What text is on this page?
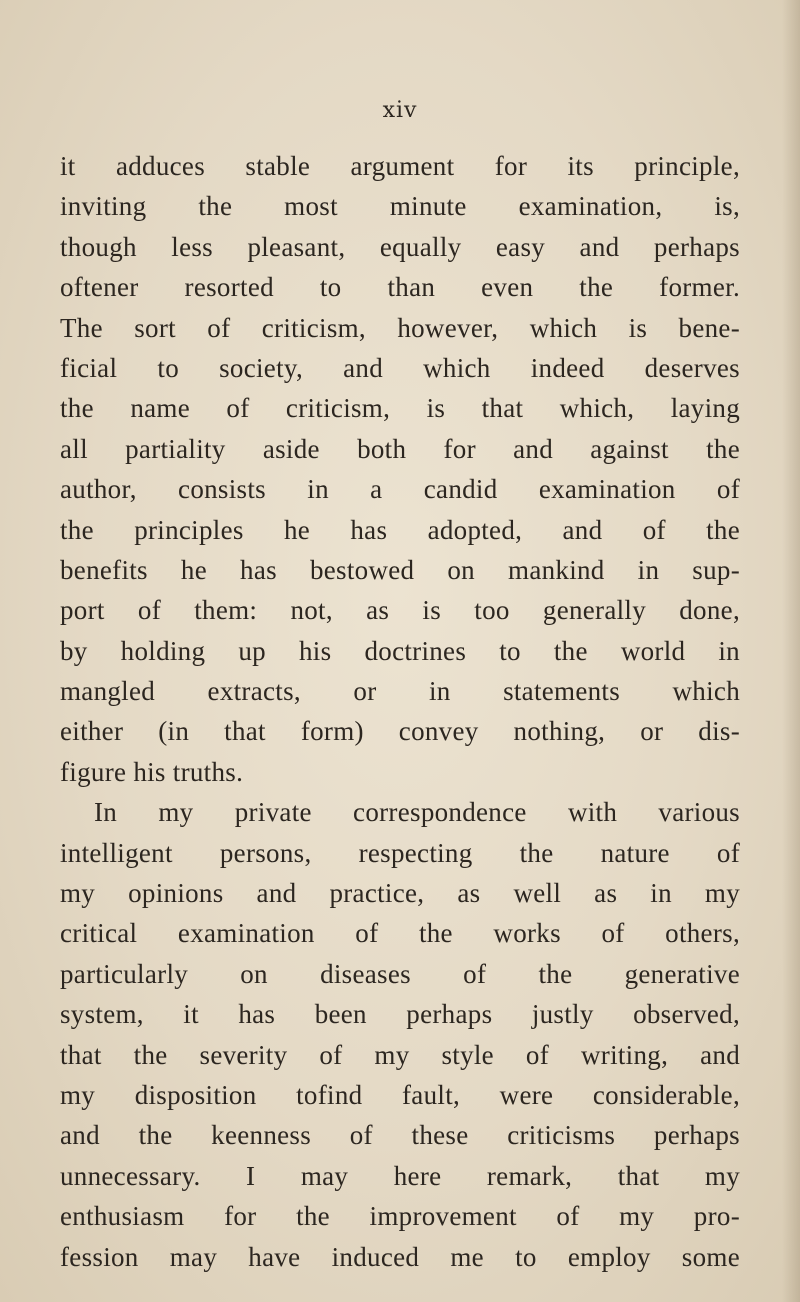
xiv
it adduces stable argument for its principle,
inviting the most minute examination, is,
though less pleasant, equally easy and perhaps
oftener resorted to than even the former.
The sort of criticism, however, which is bene-
ficial to society, and which indeed deserves
the name of criticism, is that which, laying
all partiality aside both for and against the
author, consists in a candid examination of
the principles he has adopted, and of the
benefits he has bestowed on mankind in sup-
port of them: not, as is too generally done,
by holding up his doctrines to the world in
mangled extracts, or in statements which
either (in that form) convey nothing, or dis-
figure his truths.
In my private correspondence with various
intelligent persons, respecting the nature of
my opinions and practice, as well as in my
critical examination of the works of others,
particularly on diseases of the generative
system, it has been perhaps justly observed,
that the severity of my style of writing, and
my disposition tofind fault, were considerable,
and the keenness of these criticisms perhaps
unnecessary. I may here remark, that my
enthusiasm for the improvement of my pro-
fession may have induced me to employ some
